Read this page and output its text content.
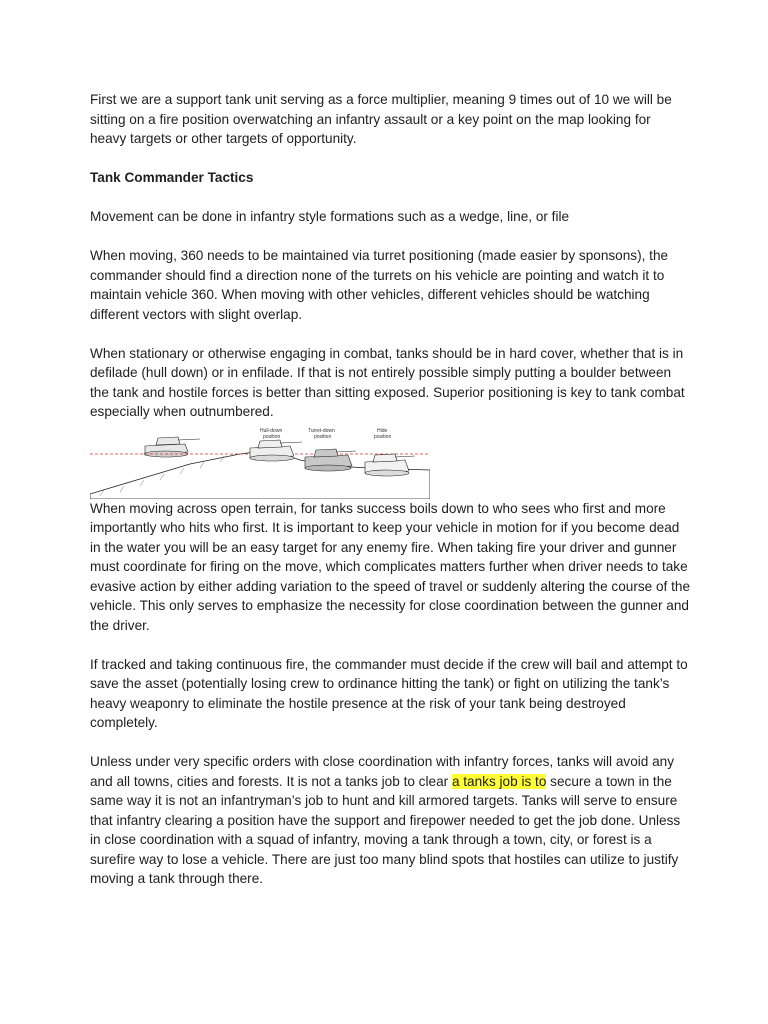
First we are a support tank unit serving as a force multiplier, meaning 9 times out of 10 we will be sitting on a fire position overwatching an infantry assault or a key point on the map looking for heavy targets or other targets of opportunity.

Tank Commander Tactics

Movement can be done in infantry style formations such as a wedge, line, or file

When moving, 360 needs to be maintained via turret positioning (made easier by sponsons), the commander should find a direction none of the turrets on his vehicle are pointing and watch it to maintain vehicle 360. When moving with other vehicles, different vehicles should be watching different vectors with slight overlap.

When stationary or otherwise engaging in combat, tanks should be in hard cover, whether that is in defilade (hull down) or in enfilade. If that is not entirely possible simply putting a boulder between the tank and hostile forces is better than sitting exposed. Superior positioning is key to tank combat especially when outnumbered.

Hull-down
position
Turret-down
position
Hide
position

When moving across open terrain, for tanks success boils down to who sees who first and more importantly who hits who first. It is important to keep your vehicle in motion for if you become dead in the water you will be an easy target for any enemy fire. When taking fire your driver and gunner must coordinate for firing on the move, which complicates matters further when driver needs to take evasive action by either adding variation to the speed of travel or suddenly altering the course of the vehicle. This only serves to emphasize the necessity for close coordination between the gunner and the driver.

If tracked and taking continuous fire, the commander must decide if the crew will bail and attempt to save the asset (potentially losing crew to ordinance hitting the tank) or fight on utilizing the tank’s heavy weaponry to eliminate the hostile presence at the risk of your tank being destroyed completely.

Unless under very specific orders with close coordination with infantry forces, tanks will avoid any and all towns, cities and forests. It is not a tanks job to clear a tanks job is to secure a town in the same way it is not an infantryman’s job to hunt and kill armored targets. Tanks will serve to ensure that infantry clearing a position have the support and firepower needed to get the job done. Unless in close coordination with a squad of infantry, moving a tank through a town, city, or forest is a surefire way to lose a vehicle. There are just too many blind spots that hostiles can utilize to justify moving a tank through there.
